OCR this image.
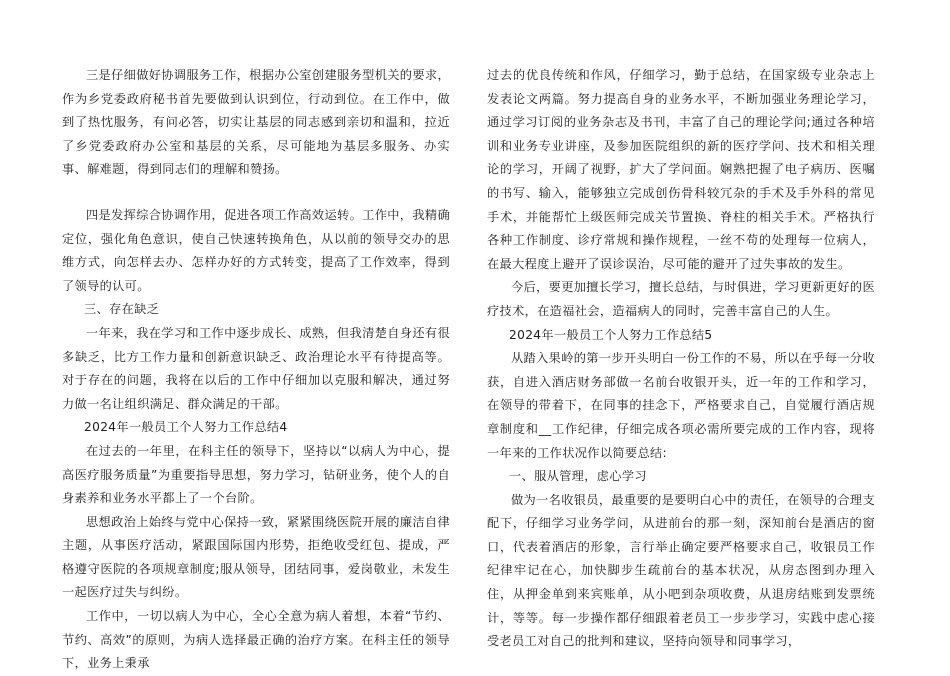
三是仔细做好协调服务工作，根据办公室创建服务型机关的要求，作为乡党委政府秘书首先要做到认识到位，行动到位。在工作中，做到了热忱服务，有问必答，切实让基层的同志感到亲切和温和，拉近了乡党委政府办公室和基层的关系，尽可能地为基层多服务、办实事、解难题，得到同志们的理解和赞扬。

四是发挥综合协调作用，促进各项工作高效运转。工作中，我精确定位，强化角色意识，使自己快速转换角色，从以前的领导交办的思维方式，向怎样去办、怎样办好的方式转变，提高了工作效率，得到了领导的认可。

三、存在缺乏

一年来，我在学习和工作中逐步成长、成熟，但我清楚自身还有很多缺乏，比方工作力量和创新意识缺乏、政治理论水平有待提高等。对于存在的问题，我将在以后的工作中仔细加以克服和解决，通过努力做一名让组织满足、群众满足的干部。

2024年一般员工个人努力工作总结4

在过去的一年里，在科主任的领导下，坚持以“以病人为中心，提高医疗服务质量”为重要指导思想，努力学习，钻研业务，使个人的自身素养和业务水平都上了一个台阶。

思想政治上始终与党中心保持一致，紧紧围绕医院开展的廉洁自律主题，从事医疗活动，紧跟国际国内形势，拒绝收受红包、提成，严格遵守医院的各项规章制度;服从领导，团结同事，爱岗敬业，未发生一起医疗过失与纠纷。

工作中，一切以病人为中心，全心全意为病人着想，本着“节约、节约、高效”的原则，为病人选择最正确的治疗方案。在科主任的领导下，业务上秉承

过去的优良传统和作风，仔细学习，勤于总结，在国家级专业杂志上发表论文两篇。努力提高自身的业务水平，不断加强业务理论学习，通过学习订阅的业务杂志及书刊，丰富了自己的理论学问;通过各种培训和业务专业讲座，及参加医院组织的新的医疗学问、技术和相关理论的学习，开阔了视野，扩大了学问面。娴熟把握了电子病历、医嘱的书写、输入，能够独立完成创伤骨科较冗杂的手术及手外科的常见手术，并能帮忙上级医师完成关节置换、脊柱的相关手术。严格执行各种工作制度、诊疗常规和操作规程，一丝不苟的处理每一位病人，在最大程度上避开了误诊误治，尽可能的避开了过失事故的发生。

今后，要更加擅长学习，擅长总结，与时俱进，学习更新更好的医疗技术，在造福社会，造福病人的同时，完善丰富自己的人生。

2024年一般员工个人努力工作总结5

从踏入果岭的第一步开头明白一份工作的不易，所以在乎每一分收获，自进入酒店财务部做一名前台收银开头，近一年的工作和学习，在领导的带着下，在同事的挂念下，严格要求自己，自觉履行酒店规章制度和__工作纪律，仔细完成各项必需所要完成的工作内容，现将一年来的工作状况作以简要总结:

一、服从管理，虑心学习

做为一名收银员，最重要的是要明白心中的责任，在领导的合理支配下，仔细学习业务学问，从进前台的那一刻，深知前台是酒店的窗口，代表着酒店的形象，言行举止确定要严格要求自己，收银员工作纪律牢记在心，加快脚步生疏前台的基本状况，从房态图到办理入住，从押金单到来宾账单，从小吧到杂项收费，从退房结账到发票统计，等等。每一步操作都仔细跟着老员工一步步学习，实践中虑心接受老员工对自己的批判和建议，坚持向领导和同事学习，
